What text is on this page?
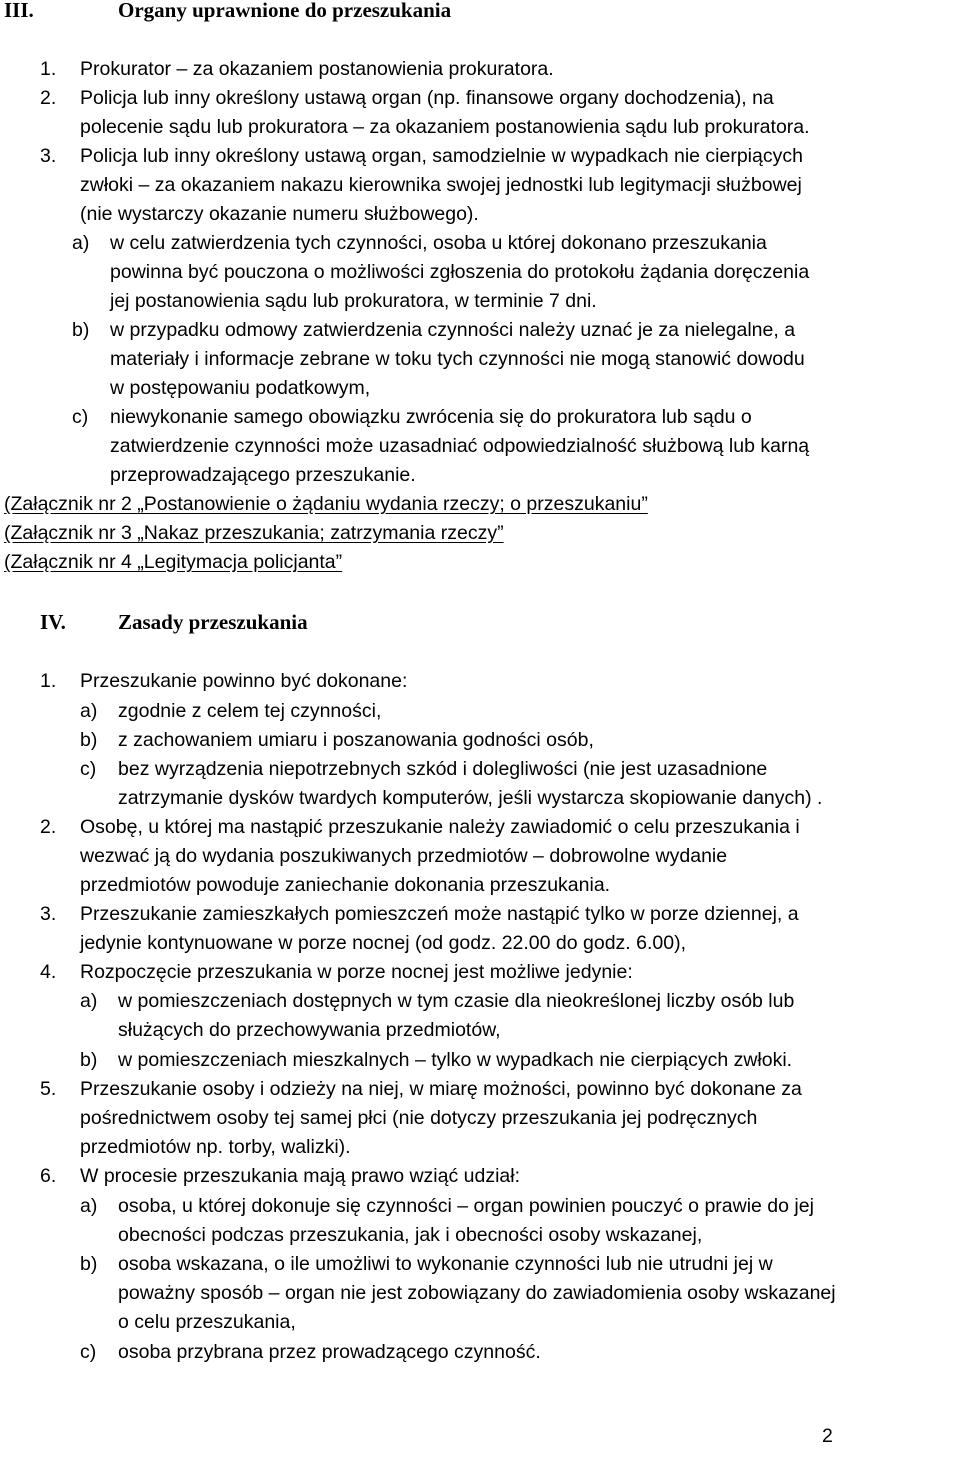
III.	Organy uprawnione do przeszukania
1. Prokurator – za okazaniem postanowienia prokuratora.
2. Policja lub inny określony ustawą organ (np. finansowe organy dochodzenia), na
polecenie sądu lub prokuratora – za okazaniem postanowienia sądu lub prokuratora.
3. Policja lub inny określony ustawą organ, samodzielnie w wypadkach nie cierpiących
zwłoki – za okazaniem nakazu kierownika swojej jednostki lub legitymacji służbowej
(nie wystarczy okazanie numeru służbowego).
a) w celu zatwierdzenia tych czynności, osoba u której dokonano przeszukania
powinna być pouczona o możliwości zgłoszenia do protokołu żądania doręczenia
jej postanowienia sądu lub prokuratora, w terminie 7 dni.
b) w przypadku odmowy zatwierdzenia czynności należy uznać je za nielegalne, a
materiały i informacje zebrane w toku tych czynności nie mogą stanowić dowodu
w postępowaniu podatkowym,
c) niewykonanie samego obowiązku zwrócenia się do prokuratora lub sądu o
zatwierdzenie czynności może uzasadniać odpowiedzialność służbową lub karną
przeprowadzającego przeszukanie.
(Załącznik nr 2 „Postanowienie o żądaniu wydania rzeczy; o przeszukaniu”
(Załącznik nr 3 „Nakaz przeszukania; zatrzymania rzeczy”
(Załącznik nr 4 „Legitymacja policjanta”
IV. Zasady przeszukania
1. Przeszukanie powinno być dokonane:
a) zgodnie z celem tej czynności,
b) z zachowaniem umiaru i poszanowania godności osób,
c) bez wyrządzenia niepotrzebnych szkód i dolegliwości (nie jest uzasadnione
zatrzymanie dysków twardych komputerów, jeśli wystarcza skopiowanie danych) .
2. Osobę, u której ma nastąpić przeszukanie należy zawiadomić o celu przeszukania i
wezwać ją do wydania poszukiwanych przedmiotów – dobrowolne wydanie
przedmiotów powoduje zaniechanie dokonania przeszukania.
3. Przeszukanie zamieszkałych pomieszczeń może nastąpić tylko w porze dziennej, a
jedynie kontynuowane w porze nocnej (od godz. 22.00 do godz. 6.00),
4. Rozpoczęcie przeszukania w porze nocnej jest możliwe jedynie:
a) w pomieszczeniach dostępnych w tym czasie dla nieokreślonej liczby osób lub
służących do przechowywania przedmiotów,
b) w pomieszczeniach mieszkalnych – tylko w wypadkach nie cierpiących zwłoki.
5. Przeszukanie osoby i odzieży na niej, w miarę możności, powinno być dokonane za
pośrednictwem osoby tej samej płci (nie dotyczy przeszukania jej podręcznych
przedmiotów np. torby, walizki).
6. W procesie przeszukania mają prawo wziąć udział:
a) osoba, u której dokonuje się czynności – organ powinien pouczyć o prawie do jej
obecności podczas przeszukania, jak i obecności osoby wskazanej,
b) osoba wskazana, o ile umożliwi to wykonanie czynności lub nie utrudni jej w
poważny sposób – organ nie jest zobowiązany do zawiadomienia osoby wskazanej
o celu przeszukania,
c) osoba przybrana przez prowadzącego czynność.
2
